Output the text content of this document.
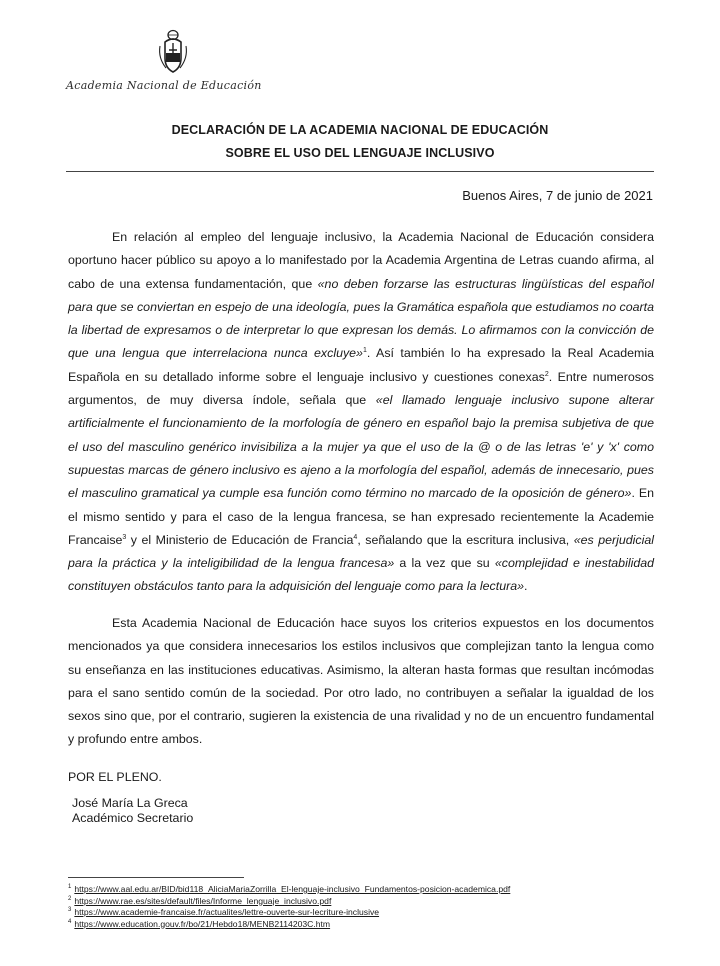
Academia Nacional de Educación
DECLARACIÓN DE LA ACADEMIA NACIONAL DE EDUCACIÓN
SOBRE EL USO DEL LENGUAJE INCLUSIVO
Buenos Aires, 7 de junio de 2021

En relación al empleo del lenguaje inclusivo, la Academia Nacional de Educación considera oportuno hacer público su apoyo a lo manifestado por la Academia Argentina de Letras cuando afirma, al cabo de una extensa fundamentación, que «no deben forzarse las estructuras lingüísticas del español para que se conviertan en espejo de una ideología, pues la Gramática española que estudiamos no coarta la libertad de expresamos o de interpretar lo que expresan los demás. Lo afirmamos con la convicción de que una lengua que interrelaciona nunca excluye»$^1$. Así también lo ha expresado la Real Academia Española en su detallado informe sobre el lenguaje inclusivo y cuestiones conexas$^2$. Entre numerosos argumentos, de muy diversa índole, señala que «el llamado lenguaje inclusivo supone alterar artificialmente el funcionamiento de la morfología de género en español bajo la premisa subjetiva de que el uso del masculino genérico invisibiliza a la mujer ya que el uso de la @ o de las letras 'e' y 'x' como supuestas marcas de género inclusivo es ajeno a la morfología del español, además de innecesario, pues el masculino gramatical ya cumple esa función como término no marcado de la oposición de género». En el mismo sentido y para el caso de la lengua francesa, se han expresado recientemente la Academie Francaise$^3$ y el Ministerio de Educación de Francia$^4$, señalando que la escritura inclusiva, «es perjudicial para la práctica y la inteligibilidad de la lengua francesa» a la vez que su «complejidad e inestabilidad constituyen obstáculos tanto para la adquisición del lenguaje como para la lectura».

Esta Academia Nacional de Educación hace suyos los criterios expuestos en los documentos mencionados ya que considera innecesarios los estilos inclusivos que complejizan tanto la lengua como su enseñanza en las instituciones educativas. Asimismo, la alteran hasta formas que resultan incómodas para el sano sentido común de la sociedad. Por otro lado, no contribuyen a señalar la igualdad de los sexos sino que, por el contrario, sugieren la existencia de una rivalidad y no de un encuentro fundamental y profundo entre ambos.

POR EL PLENO.
José María La Greca
Académico Secretario
$^1$ https://www.aal.edu.ar/BID/bid118_AliciaMariaZorrilla_El-lenguaje-inclusivo_Fundamentos-posicion-academica.pdf
$^2$ https://www.rae.es/sites/default/files/Informe_lenguaje_inclusivo.pdf
$^3$ https://www.academie-francaise.fr/actualites/lettre-ouverte-sur-lecriture-inclusive
$^4$ https://www.education.gouv.fr/bo/21/Hebdo18/MENB2114203C.htm
